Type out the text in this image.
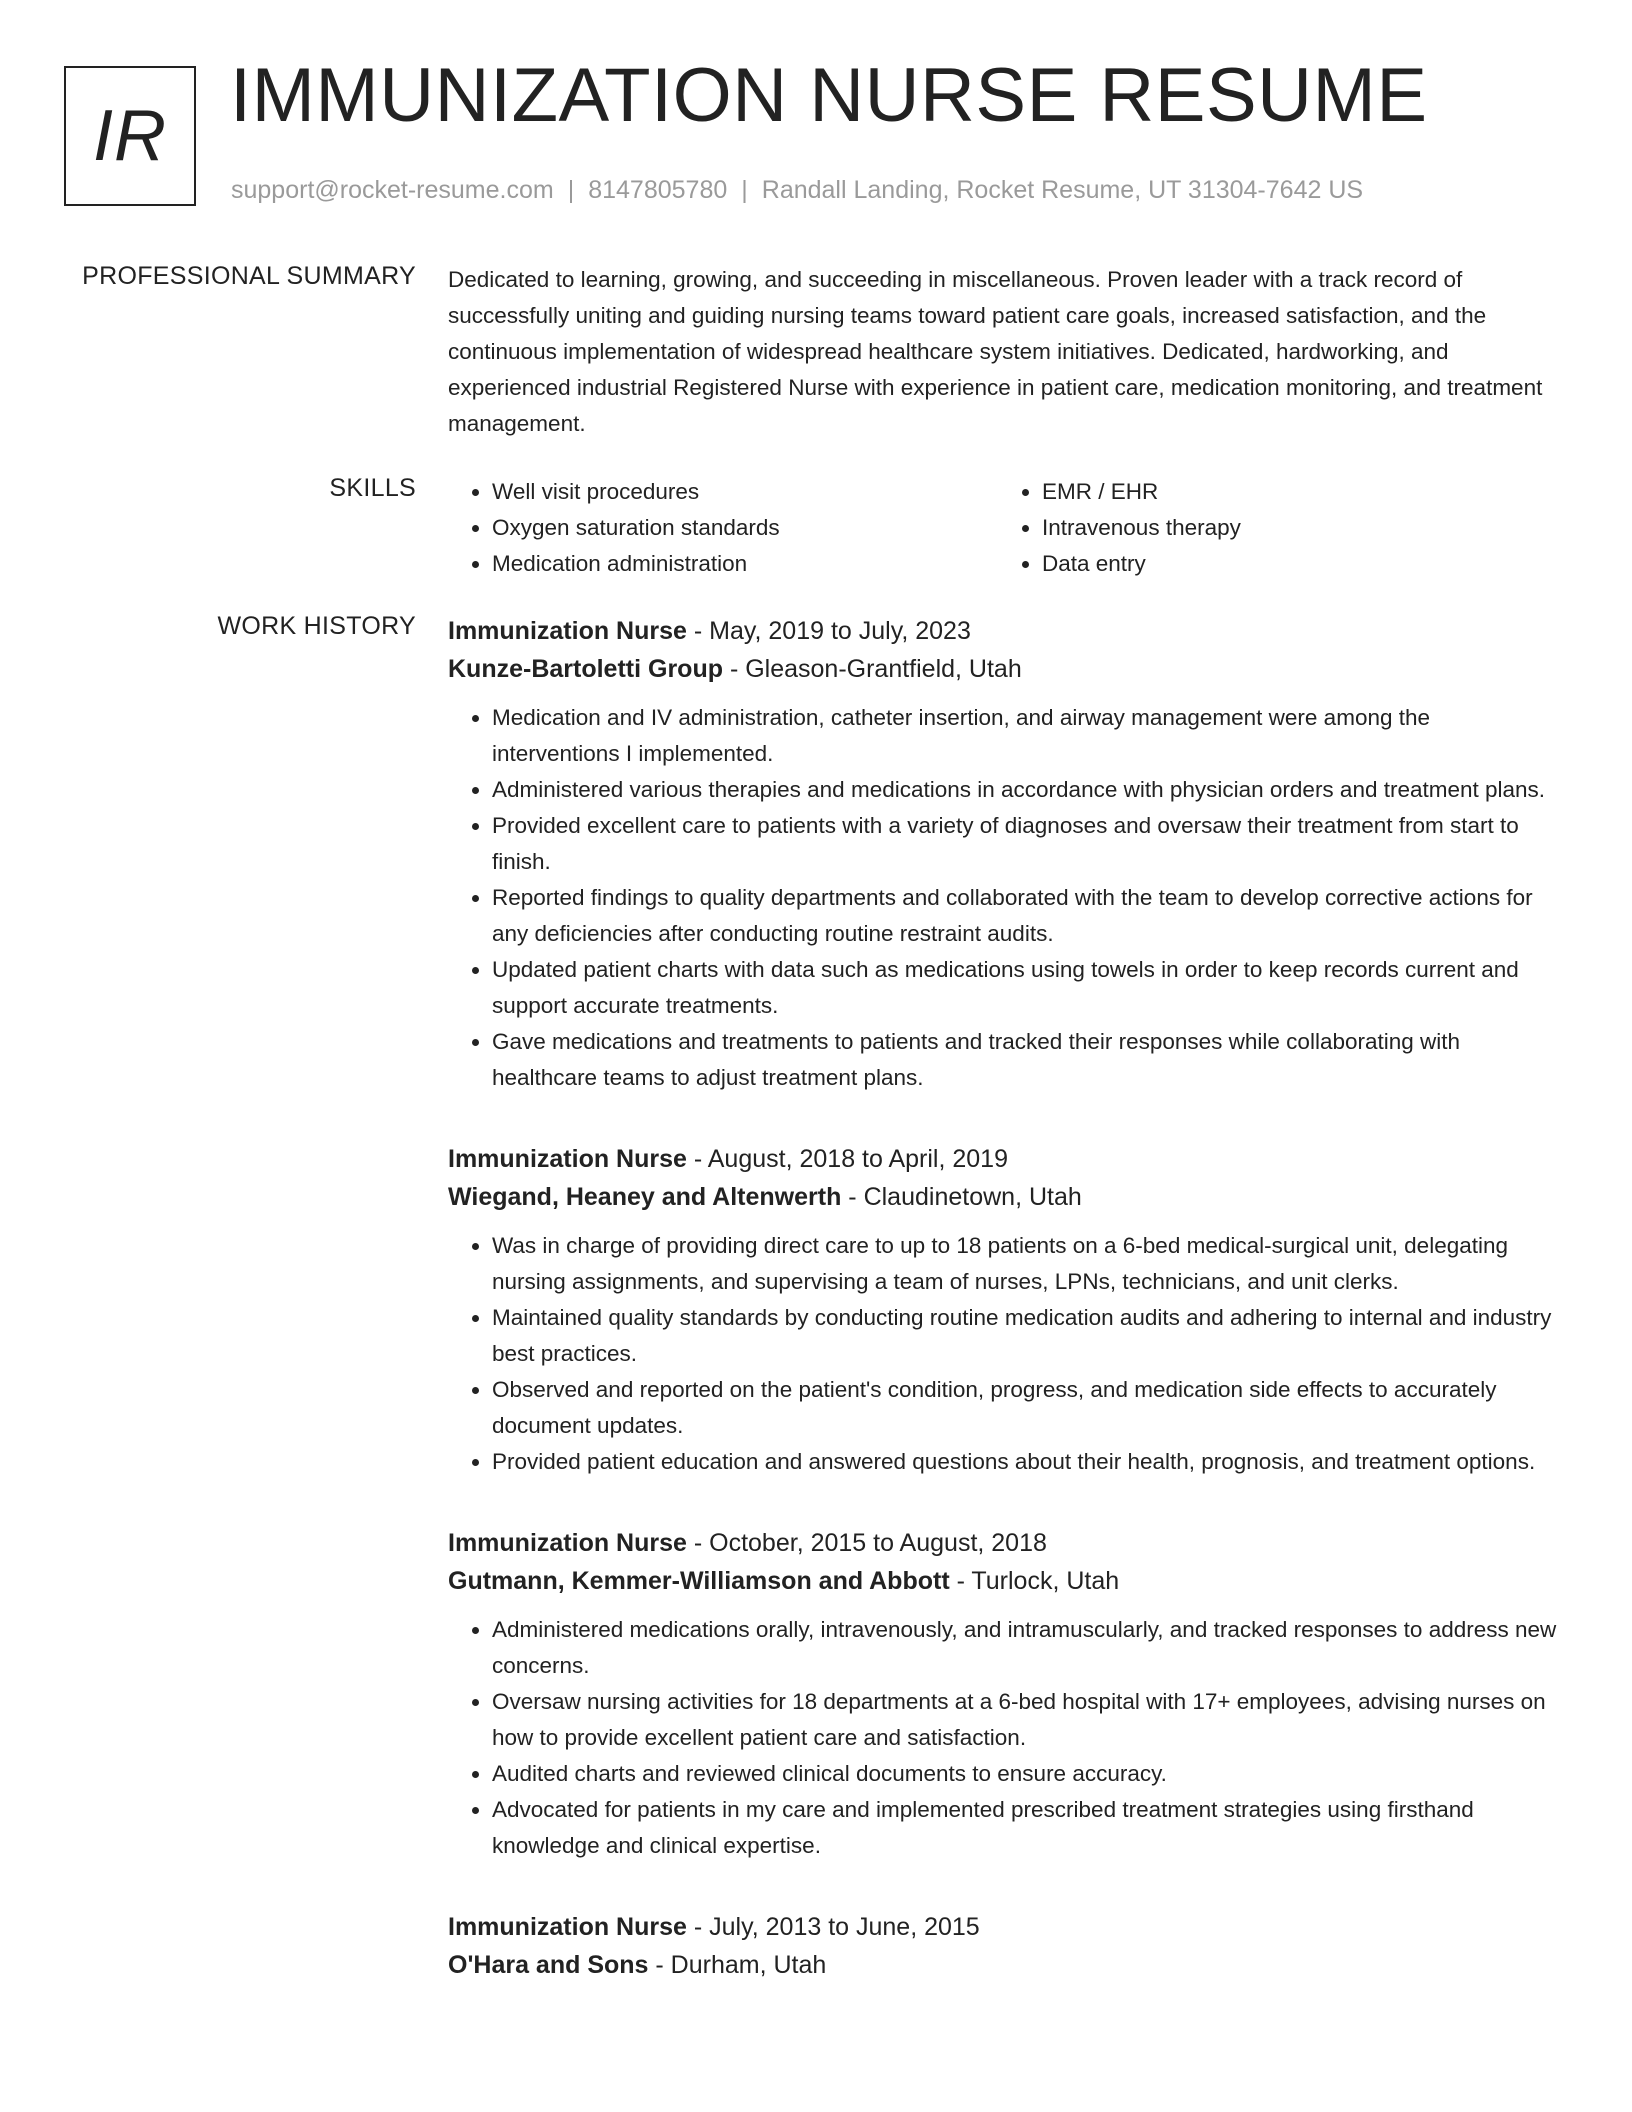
IR IMMUNIZATION NURSE RESUME
support@rocket-resume.com | 8147805780 | Randall Landing, Rocket Resume, UT 31304-7642 US
PROFESSIONAL SUMMARY Dedicated to learning, growing, and succeeding in miscellaneous. Proven leader with a track record of successfully uniting and guiding nursing teams toward patient care goals, increased satisfaction, and the continuous implementation of widespread healthcare system initiatives. Dedicated, hardworking, and experienced industrial Registered Nurse with experience in patient care, medication monitoring, and treatment management.

SKILLS
•	Well visit procedures
• Oxygen saturation standards
• Medication administration
• EMR / EHR
• Intravenous therapy
• Data entry
WORK HISTORY Immunization Nurse - May, 2019 to July, 2023
Kunze-Bartoletti Group - Gleason-Grantfield, Utah
• Medication and IV administration, catheter insertion, and airway management were among the interventions I implemented.
• Administered various therapies and medications in accordance with physician orders and treatment plans.
• Provided excellent care to patients with a variety of diagnoses and oversaw their treatment from start to finish.
• Reported findings to quality departments and collaborated with the team to develop corrective actions for any deficiencies after conducting routine restraint audits.
• Updated patient charts with data such as medications using towels in order to keep records current and support accurate treatments.
• Gave medications and treatments to patients and tracked their responses while collaborating with healthcare teams to adjust treatment plans.
Immunization Nurse - August, 2018 to April, 2019
Wiegand, Heaney and Altenwerth - Claudinetown, Utah
• Was in charge of providing direct care to up to 18 patients on a 6-bed medical-surgical unit, delegating nursing assignments, and supervising a team of nurses, LPNs, technicians, and unit clerks.
• Maintained quality standards by conducting routine medication audits and adhering to internal and industry best practices.
• Observed and reported on the patient's condition, progress, and medication side effects to accurately document updates.
• Provided patient education and answered questions about their health, prognosis, and treatment options.
Immunization Nurse - October, 2015 to August, 2018
Gutmann, Kemmer-Williamson and Abbott - Turlock, Utah
• Administered medications orally, intravenously, and intramuscularly, and tracked responses to address new concerns.
• Oversaw nursing activities for 18 departments at a 6-bed hospital with 17+ employees, advising nurses on how to provide excellent patient care and satisfaction.
• Audited charts and reviewed clinical documents to ensure accuracy.
• Advocated for patients in my care and implemented prescribed treatment strategies using firsthand knowledge and clinical expertise.
Immunization Nurse - July, 2013 to June, 2015
O'Hara and Sons - Durham, Utah
